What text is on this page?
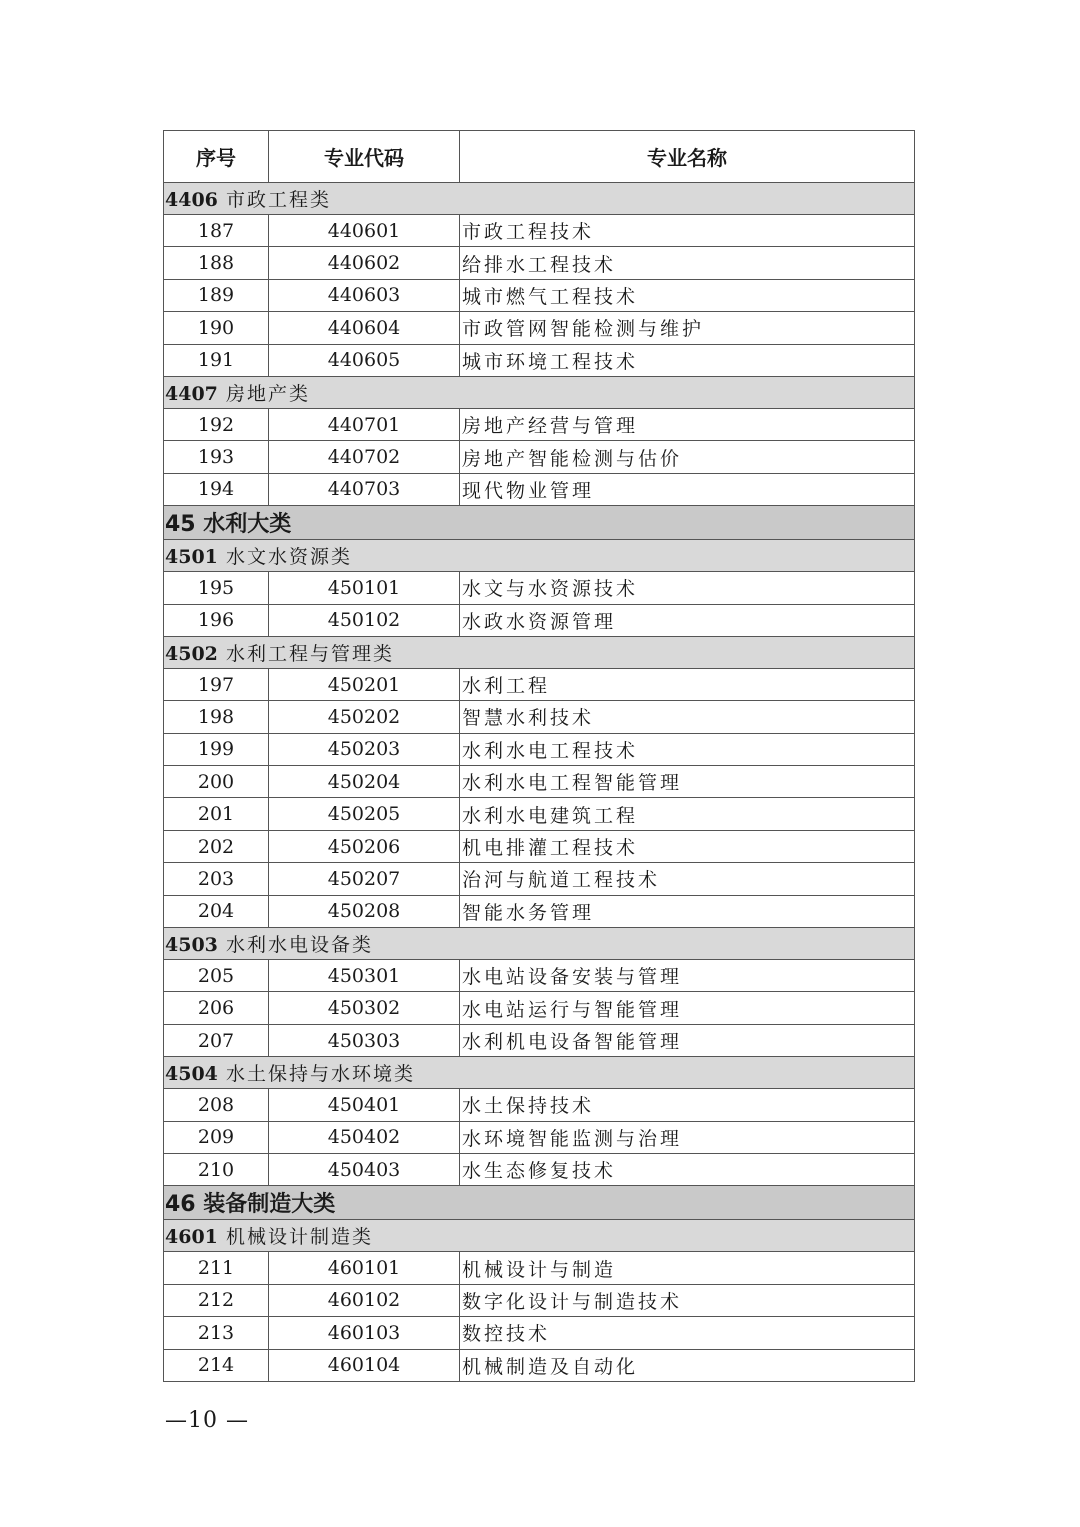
序号	专业代码	专业名称
4406 市政工程类		
187	440601	市政工程技术
188	440602	给排水工程技术
189	440603	城市燃气工程技术
190	440604	市政管网智能检测与维护
191	440605	城市环境工程技术
4407 房地产类		
192	440701	房地产经营与管理
193	440702	房地产智能检测与估价
194	440703	现代物业管理
45 水利大类		
4501 水文水资源类		
195	450101	水文与水资源技术
196	450102	水政水资源管理
4502 水利工程与管理类		
197	450201	水利工程
198	450202	智慧水利技术
199	450203	水利水电工程技术
200	450204	水利水电工程智能管理
201	450205	水利水电建筑工程
202	450206	机电排灌工程技术
203	450207	治河与航道工程技术
204	450208	智能水务管理
4503 水利水电设备类		
205	450301	水电站设备安装与管理
206	450302	水电站运行与智能管理
207	450303	水利机电设备智能管理
4504 水土保持与水环境类		
208	450401	水土保持技术
209	450402	水环境智能监测与治理
210	450403	水生态修复技术
46 装备制造大类		
4601 机械设计制造类		
211	460101	机械设计与制造
212	460102	数字化设计与制造技术
213	460103	数控技术
214	460104	机械制造及自动化
—10 —
